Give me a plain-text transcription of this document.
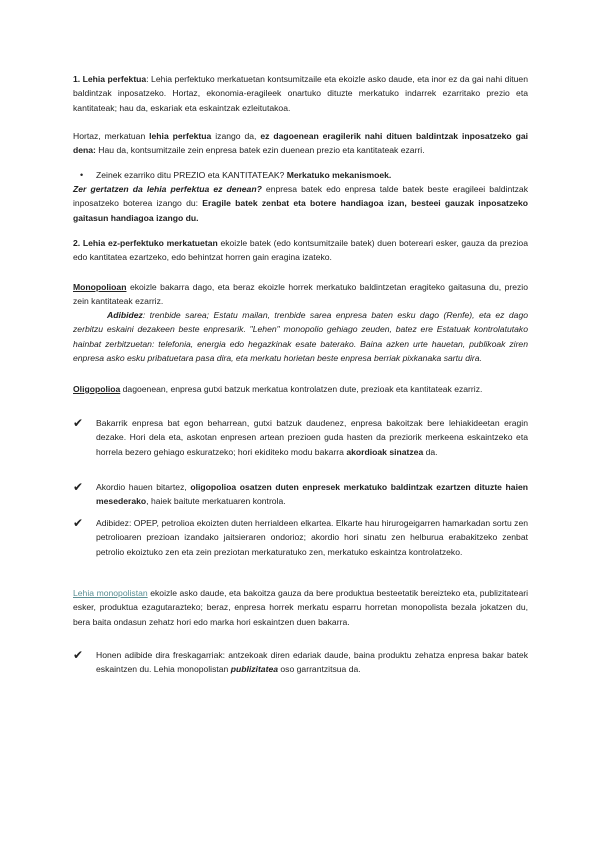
1. Lehia perfektua: Lehia perfektuko merkatuetan kontsumitzaile eta ekoizle asko daude, eta inor ez da gai nahi dituen baldintzak inposatzeko. Hortaz, ekonomia-eragileek onartuko dituzte merkatuko indarrek ezarritako prezio eta kantitateak; hau da, eskariak eta eskaintzak ezleitutakoa.

Hortaz, merkatuan lehia perfektua izango da, ez dagoenean eragilerik nahi dituen baldintzak inposatzeko gai dena: Hau da, kontsumitzaile zein enpresa batek ezin duenean prezio eta kantitateak ezarri.

• Zeinek ezarriko ditu PREZIO eta KANTITATEAK? Merkatuko mekanismoek.

Zer gertatzen da lehia perfektua ez denean? enpresa batek edo enpresa talde batek beste eragileei baldintzak inposatzeko boterea izango du: Eragile batek zenbat eta botere handiagoa izan, besteei gauzak inposatzeko gaitasun handiagoa izango du.

2. Lehia ez-perfektuko merkatuetan ekoizle batek (edo kontsumitzaile batek) duen botereari esker, gauza da prezioa edo kantitatea ezartzeko, edo behintzat horren gain eragina izateko.

Monopolioan ekoizle bakarra dago, eta beraz ekoizle horrek merkatuko baldintzetan eragiteko gaitasuna du, prezio zein kantitateak ezarriz.

Adibidez: trenbide sarea; Estatu mailan, trenbide sarea enpresa baten esku dago (Renfe), eta ez dago zerbitzu eskaini dezakeen beste enpresarik. "Lehen" monopolio gehiago zeuden, batez ere Estatuak kontrolatutako hainbat zerbitzuetan: telefonia, energia edo hegazkinak esate baterako. Baina azken urte hauetan, publikoak ziren enpresa asko esku pribatuetara pasa dira, eta merkatu horietan beste enpresa berriak pixkanaka sartu dira.

Oligopolioa dagoenean, enpresa gutxi batzuk merkatua kontrolatzen dute, prezioak eta kantitateak ezarriz.

✔ Bakarrik enpresa bat egon beharrean, gutxi batzuk daudenez, enpresa bakoitzak bere lehiakideetan eragin dezake. Hori dela eta, askotan enpresen artean prezioen guda hasten da preziorik merkeena eskaintzeko eta horrela bezero gehiago eskuratzeko; hori ekiditeko modu bakarra akordioak sinatzea da.

✔ Akordio hauen bitartez, oligopolioa osatzen duten enpresek merkatuko baldintzak ezartzen dituzte haien mesederako, haiek baitute merkatuaren kontrola.

✔ Adibidez: OPEP, petrolioa ekoizten duten herrialdeen elkartea. Elkarte hau hirurogeigarren hamarkadan sortu zen petrolioaren prezioan izandako jaitsieraren ondorioz; akordio hori sinatu zen helburua erabakitzeko zenbat petrolio ekoiztuko zen eta zein preziotan merkaturatuko zen, merkatuko eskaintza kontrolatzeko.

Lehia monopolistan ekoizle asko daude, eta bakoitza gauza da bere produktua besteetatik bereizteko eta, publizitateari esker, produktua ezagutarazteko; beraz, enpresa horrek merkatu esparru horretan monopolista bezala jokatzen du, bera baita ondasun zehatz hori edo marka hori eskaintzen duen bakarra.

✔ Honen adibide dira freskagarriak: antzekoak diren edariak daude, baina produktu zehatza enpresa bakar batek eskaintzen du. Lehia monopolistan publizitatea oso garrantzitsua da.
